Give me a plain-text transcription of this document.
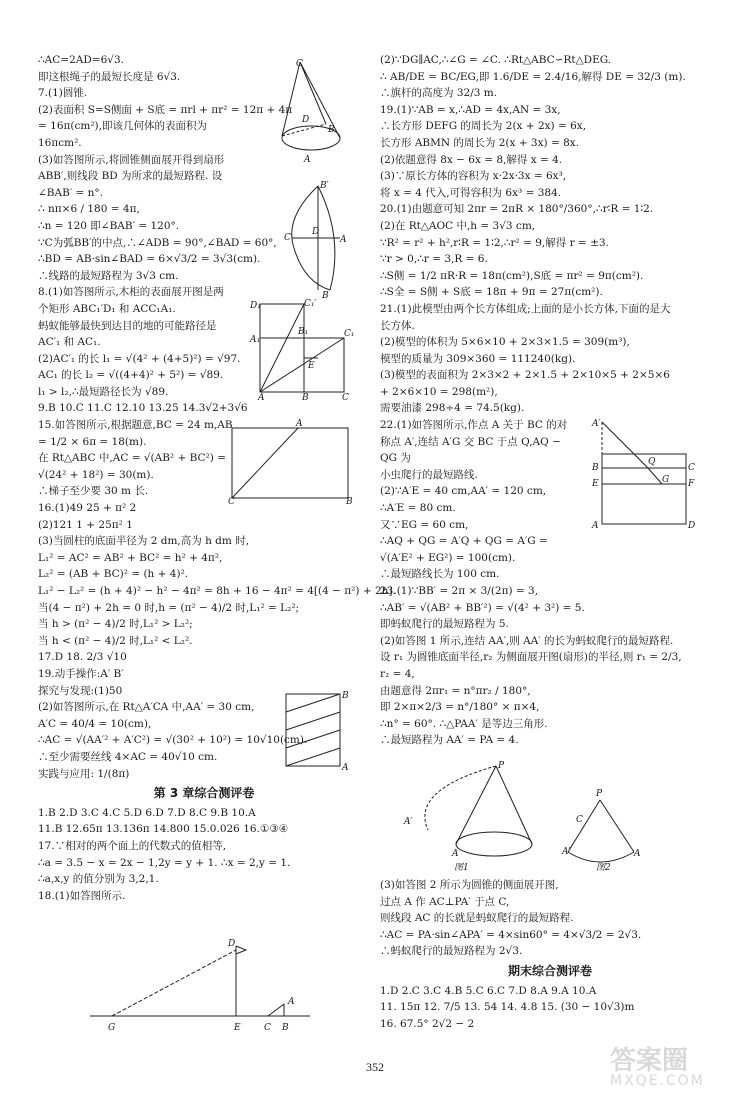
∴AC=2AD=6√3.
即这根绳子的最短长度是 6√3.
7.(1)圆锥.
(2)表面积 S=S侧面 + S底 = πrl + πr² = 12π + 4π
= 16π(cm²),即该几何体的表面积为
16πcm².
(3)如答图所示,将圆锥侧面展开得到扇形
ABB′,则线段 BD 为所求的最短路程. 设
∠BAB′ = n°.
∴ nπ×6 / 180 = 4π,
∴n = 120 即∠BAB′ = 120°.
∵C为弧BB′的中点,∴∠ADB = 90°,∠BAD = 60°,
∴BD = AB·sin∠BAD = 6×√3/2 = 3√3(cm).
∴线路的最短路程为 3√3 cm.
8.(1)如答图所示,木柜的表面展开图是两
个矩形 ABC₁′D₁ 和 ACC₁A₁.
蚂蚁能够最快到达目的地的可能路径是
AC′₁ 和 AC₁.
(2)AC′₁ 的长 l₁ = √(4² + (4+5)²) = √97.
AC₁ 的长 l₂ = √((4+4)² + 5²) = √89.
l₁ > l₂,∴最短路径长为 √89.
9.B 10.C 11.C 12.10 13.25 14.3√2+3√6
15.如答图所示,根据题意,BC = 24 m,AB
= 1/2 × 6π = 18(m).
在 Rt△ABC 中,AC = √(AB² + BC²) =
√(24² + 18²) = 30(m).
∴梯子至少要 30 m 长.
16.(1)49 25 + π² 2
(2)121 1 + 25π² 1
(3)当圆柱的底面半径为 2 dm,高为 h dm 时,
L₁² = AC² = AB² + BC² = h² + 4π²,
L₂² = (AB + BC)² = (h + 4)².
L₁² − L₂² = (h + 4)² − h² − 4π² = 8h + 16 − 4π² = 4[(4 − π²) + 2h].
当(4 − π²) + 2h = 0 时,h = (π² − 4)/2 时,L₁² = L₂²;
当 h > (π² − 4)/2 时,L₁² > L₂²;
当 h < (π² − 4)/2 时,L₁² < L₂².
17.D 18. 2/3 √10
19.动手操作:A′ B′
探究与发现:(1)50
(2)如答图所示,在 Rt△A′CA 中,AA′ = 30 cm,
A′C = 40/4 = 10(cm),
∴AC = √(AA′² + A′C²) = √(30² + 10²) = 10√10(cm).
∴至少需要丝线 4×AC = 40√10 cm.
实践与应用: 1/(8π)
第 3 章综合测评卷
1.B 2.D 3.C 4.C 5.D 6.D 7.D 8.C 9.B 10.A
11.B 12.65π 13.136π 14.800 15.0.026 16.①③④
17.∵相对的两个面上的代数式的值相等,
∴a = 3.5 − x = 2x − 1,2y = y + 1. ∴x = 2,y = 1.
∴a,x,y 的值分别为 3,2,1.
18.(1)如答图所示.
(2)∵DG∥AC,∴∠G = ∠C. ∴Rt△ABC∽Rt△DEG.
∴ AB/DE = BC/EG,即 1.6/DE = 2.4/16,解得 DE = 32/3 (m).
∴旗杆的高度为 32/3 m.
19.(1)∵AB = x,∴AD = 4x,AN = 3x,
∴长方形 DEFG 的周长为 2(x + 2x) = 6x,
长方形 ABMN 的周长为 2(x + 3x) = 8x.
(2)依题意得 8x − 6x = 8,解得 x = 4.
(3)∵原长方体的容积为 x·2x·3x = 6x³,
将 x = 4 代入,可得容积为 6x³ = 384.
20.(1)由题意可知 2πr = 2πR × 180°/360°,∴r∶R = 1∶2.
(2)在 Rt△AOC 中,h = 3√3 cm,
∵R² = r² + h²,r∶R = 1∶2,∴r² = 9,解得 r = ±3.
∵r > 0,∴r = 3,R = 6.
∴S侧 = 1/2 πR·R = 18π(cm²),S底 = πr² = 9π(cm²).
∴S全 = S侧 + S底 = 18π + 9π = 27π(cm²).
21.(1)此模型由两个长方体组成;上面的是小长方体,下面的是大
长方体.
(2)模型的体积为 5×6×10 + 2×3×1.5 = 309(m³),
模型的质量为 309×360 = 111240(kg).
(3)模型的表面积为 2×3×2 + 2×1.5 + 2×10×5 + 2×5×6
+ 2×6×10 = 298(m²),
需要油漆 298÷4 = 74.5(kg).
22.(1)如答图所示,作点 A 关于 BC 的对
称点 A′,连结 A′G 交 BC 于点 Q,AQ − QG 为
小虫爬行的最短路线.
(2)∵A′E = 40 cm,AA′ = 120 cm,
∴A′E = 80 cm.
又∵EG = 60 cm,
∴AQ + QG = A′Q + QG = A′G =
√(A′E² + EG²) = 100(cm).
∴最短路线长为 100 cm.
23.(1)∵BB′ = 2π × 3/(2π) = 3,
∴AB′ = √(AB² + BB′²) = √(4² + 3²) = 5.
即蚂蚁爬行的最短路程为 5.
(2)如答图 1 所示,连结 AA′,则 AA′ 的长为蚂蚁爬行的最短路程.
设 r₁ 为圆锥底面半径,r₂ 为侧面展开图(扇形)的半径,则 r₁ = 2/3,
r₂ = 4,
由题意得 2πr₁ = n°πr₂ / 180°,
即 2×π×2/3 = n°/180° × π×4,
∴n° = 60°. ∴△PAA′ 是等边三角形.
∴最短路程为 AA′ = PA = 4.
(3)如答图 2 所示为圆锥的侧面展开图,
过点 A 作 AC⊥PA′ 于点 C,
则线段 AC 的长就是蚂蚁爬行的最短路程.
∴AC = PA·sin∠APA′ = 4×sin60° = 4×√3/2 = 2√3.
∴蚂蚁爬行的最短路程为 2√3.
期末综合测评卷
1.D 2.C 3.C 4.B 5.C 6.C 7.D 8.A 9.A 10.A
11. 15π 12. 7/5 13. 54 14. 4.8 15. (30 − 10√3)m
16. 67.5° 2√2 − 2
C
D
B
A
B′
C
D
A
B
D₁	C₁′
A₁
B₁	C₁
E
A	B	C
A
C	B
B
A
D
G	E	C B
A
A′
B
E
C
F
Q
G
A	D
P
A′
A
P
A′	A
C
图1	图2
352	答案圈
MXQE.COM
